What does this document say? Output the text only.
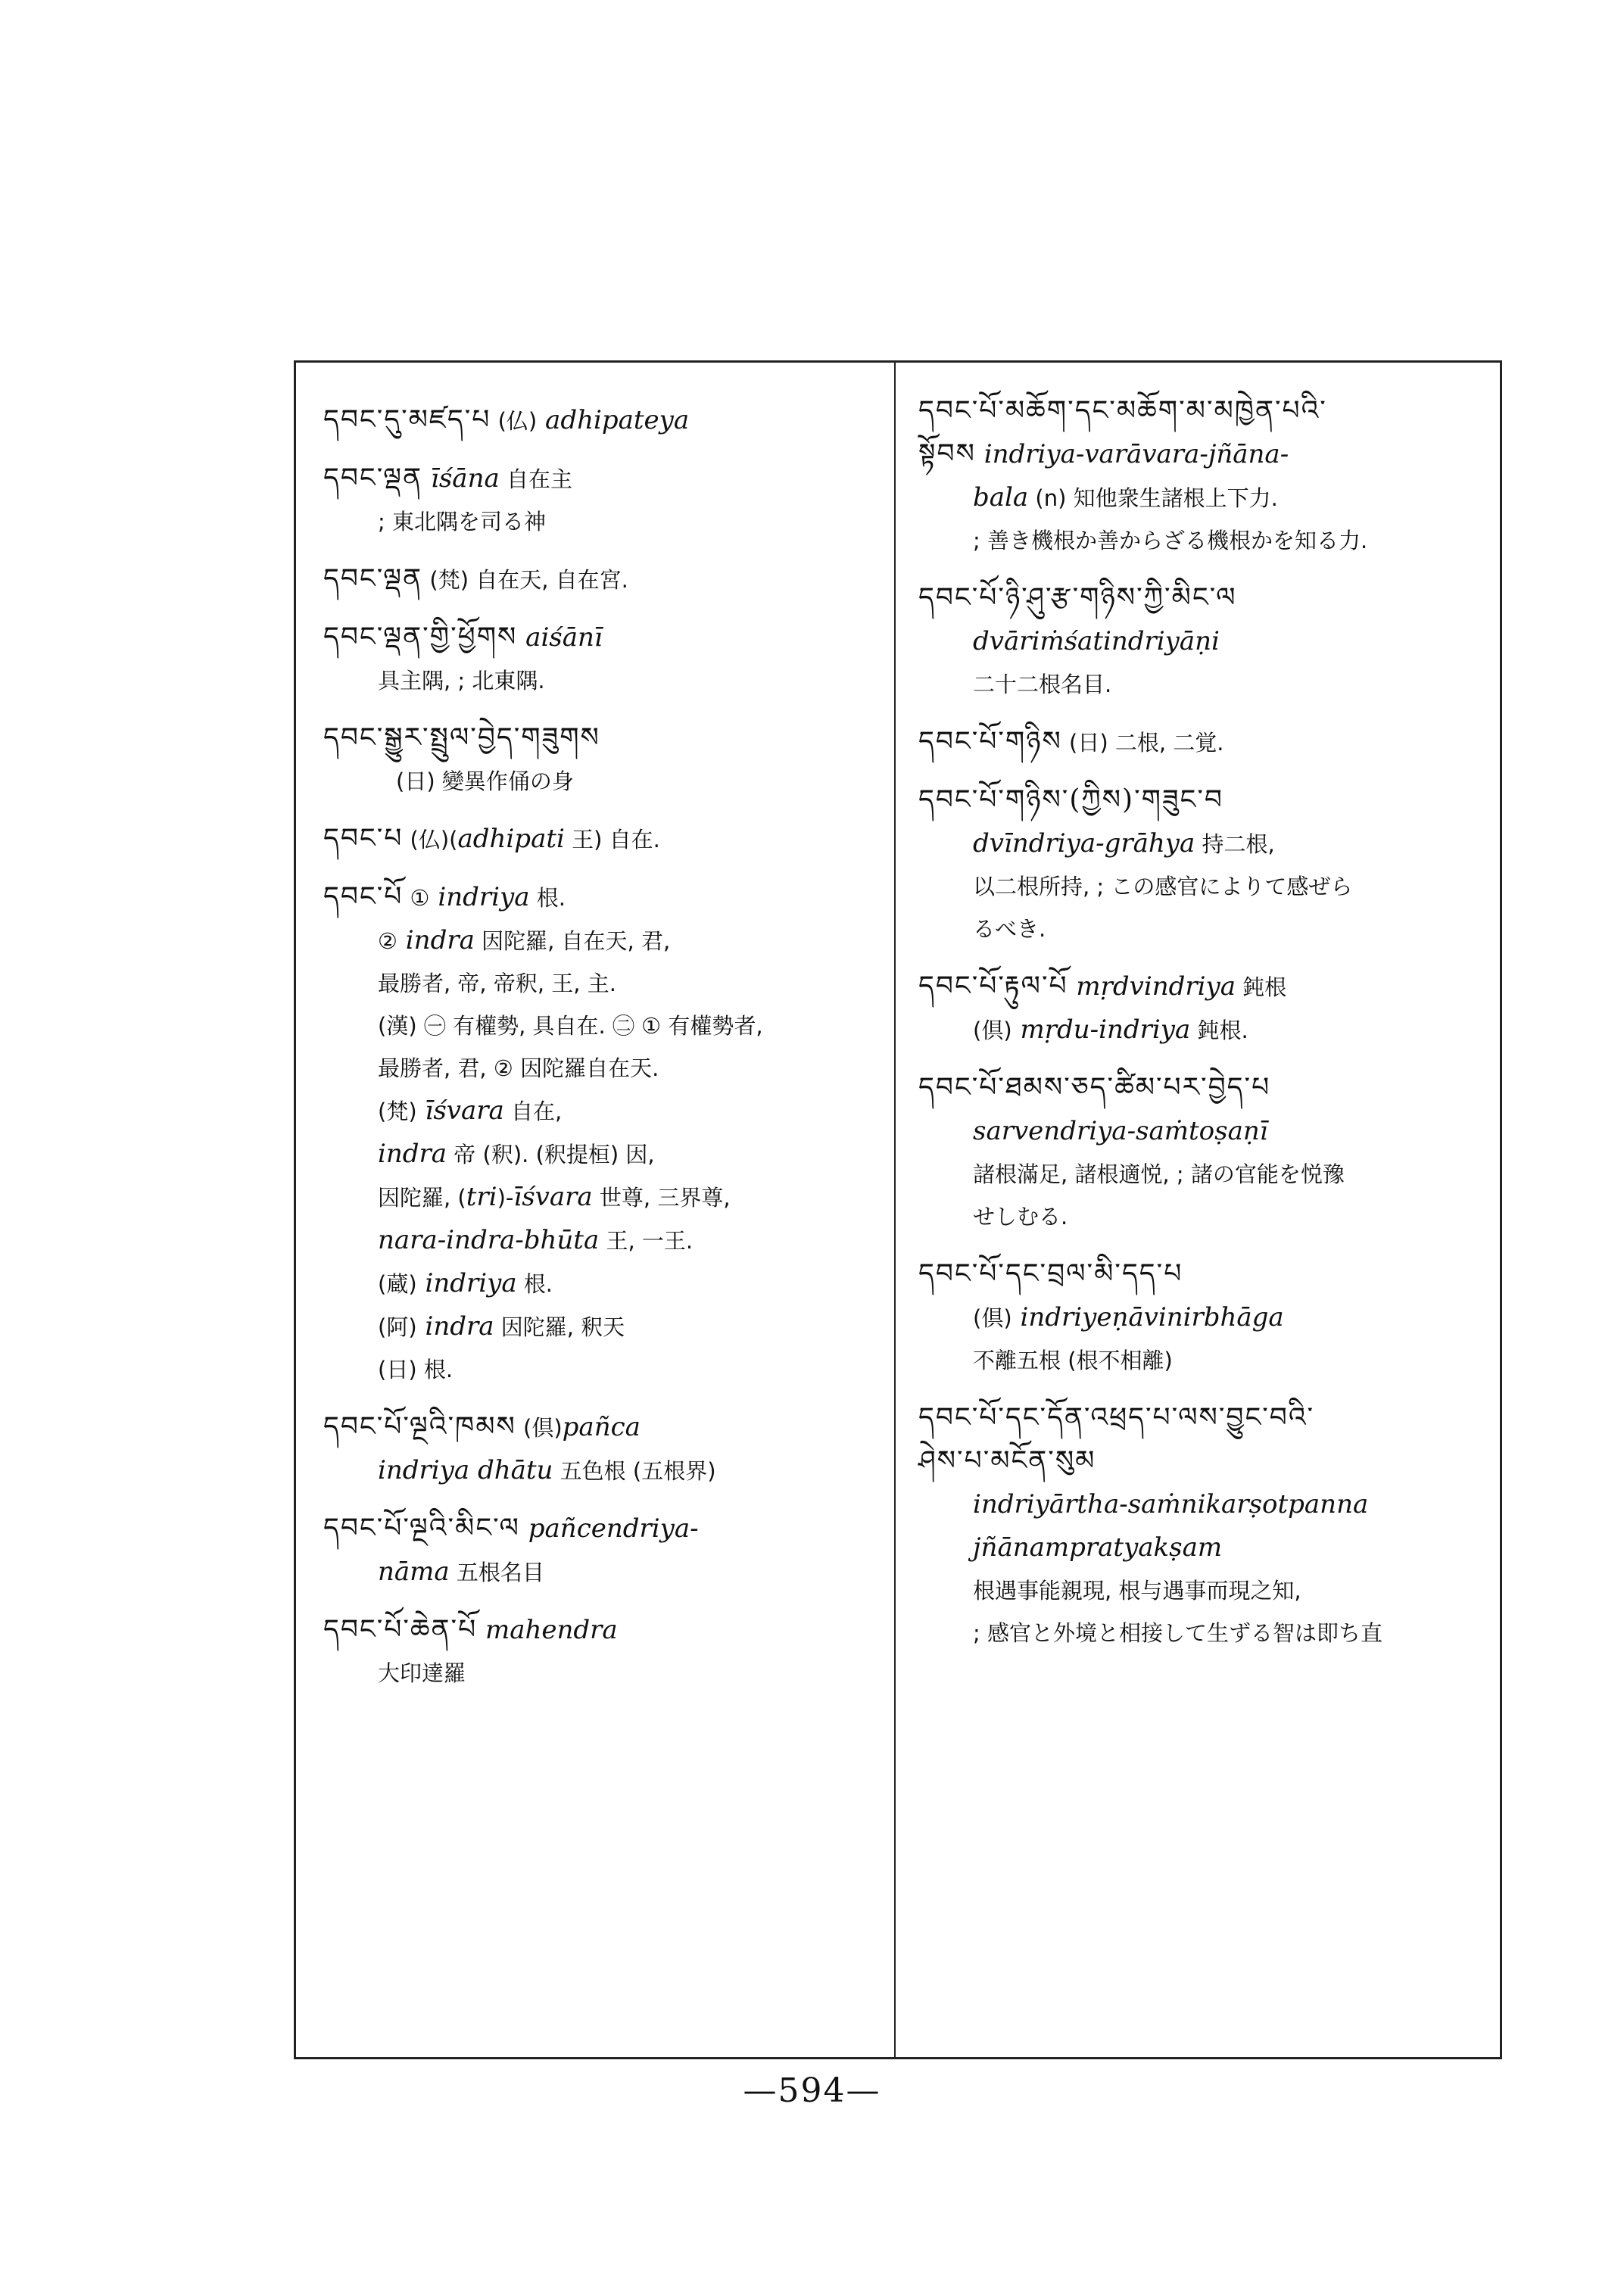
དབང་དུ་མཛད་པ (仏) adhipateya
དབང་ལྡན īśāna 自在主
; 東北隅を司る神
དབང་ལྡན (梵) 自在天, 自在宮.
དབང་ལྡན་གྱི་ཕྱོགས aiśānī
具主隅, ; 北東隅.
དབང་སྒྱུར་སྤྲུལ་བྱེད་གཟུགས
(日) 變異作俑の身
དབང་པ (仏)(adhipati 王) 自在.
དབང་པོ ① indriya 根.
② indra 因陀羅, 自在天, 君,
最勝者, 帝, 帝釈, 王, 主.
(漢) ㊀ 有權勢, 具自在. ㊁ ① 有權勢者,
最勝者, 君, ② 因陀羅自在天.
(梵) īśvara 自在,
indra 帝 (釈). (釈提桓) 因,
因陀羅, (tri)-īśvara 世尊, 三界尊,
nara-indra-bhūta 王, 一王.
(蔵) indriya 根.
(阿) indra 因陀羅, 釈天
(日) 根.
དབང་པོ་ལྔའི་ཁམས (倶)pañca
indriya dhātu 五色根 (五根界)
དབང་པོ་ལྔའི་མིང་ལ pañcendriya-
nāma 五根名目
དབང་པོ་ཆེན་པོ mahendra
大印達羅
དབང་པོ་མཆོག་དང་མཆོག་མ་མཁྱེན་པའི་
སྟོབས indriya-varāvara-jñāna-
bala (n) 知他衆生諸根上下力.
; 善き機根か善からざる機根かを知る力.
དབང་པོ་ཉི་ཤུ་རྩ་གཉིས་ཀྱི་མིང་ལ
dvāriṁśatindriyāṇi
二十二根名目.
དབང་པོ་གཉིས (日) 二根, 二覚.
དབང་པོ་གཉིས་(ཀྱིས)་གཟུང་བ
dvīndriya-grāhya 持二根,
以二根所持, ; この感官によりて感ぜら
るべき.
དབང་པོ་རྟུལ་པོ mṛdvindriya 鈍根
(倶) mṛdu-indriya 鈍根.
དབང་པོ་ཐམས་ཅད་ཚིམ་པར་བྱེད་པ
sarvendriya-saṁtoṣaṇī
諸根滿足, 諸根適悦, ; 諸の官能を悦豫
せしむる.
དབང་པོ་དང་བྲལ་མི་དད་པ
(倶) indriyeṇāvinirbhāga
不離五根 (根不相離)
དབང་པོ་དང་དོན་འཕྲད་པ་ལས་བྱུང་བའི་
ཤེས་པ་མངོན་སུམ
indriyārtha-saṁnikarṣotpanna
jñānampratyakṣam
根遇事能親現, 根与遇事而現之知,
; 感官と外境と相接して生ずる智は即ち直
—594—
